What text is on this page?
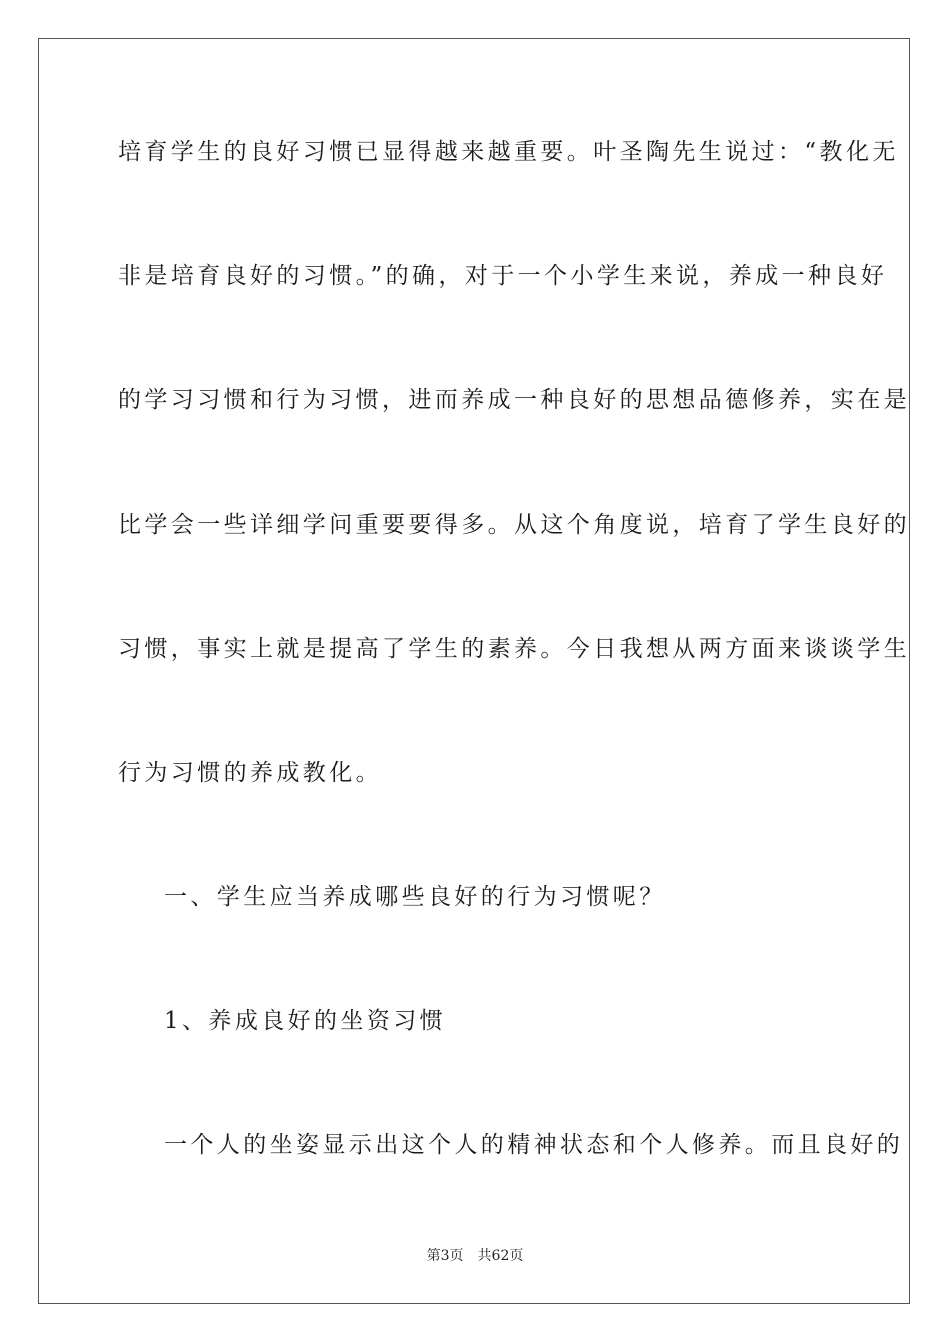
培育学生的良好习惯已显得越来越重要。叶圣陶先生说过：“教化无
非是培育良好的习惯。”的确，对于一个小学生来说，养成一种良好
的学习习惯和行为习惯，进而养成一种良好的思想品德修养，实在是
比学会一些详细学问重要要得多。从这个角度说，培育了学生良好的
习惯，事实上就是提高了学生的素养。今日我想从两方面来谈谈学生
行为习惯的养成教化。
一、学生应当养成哪些良好的行为习惯呢？
1、养成良好的坐资习惯
一个人的坐姿显示出这个人的精神状态和个人修养。而且良好的
第3页 共62页
